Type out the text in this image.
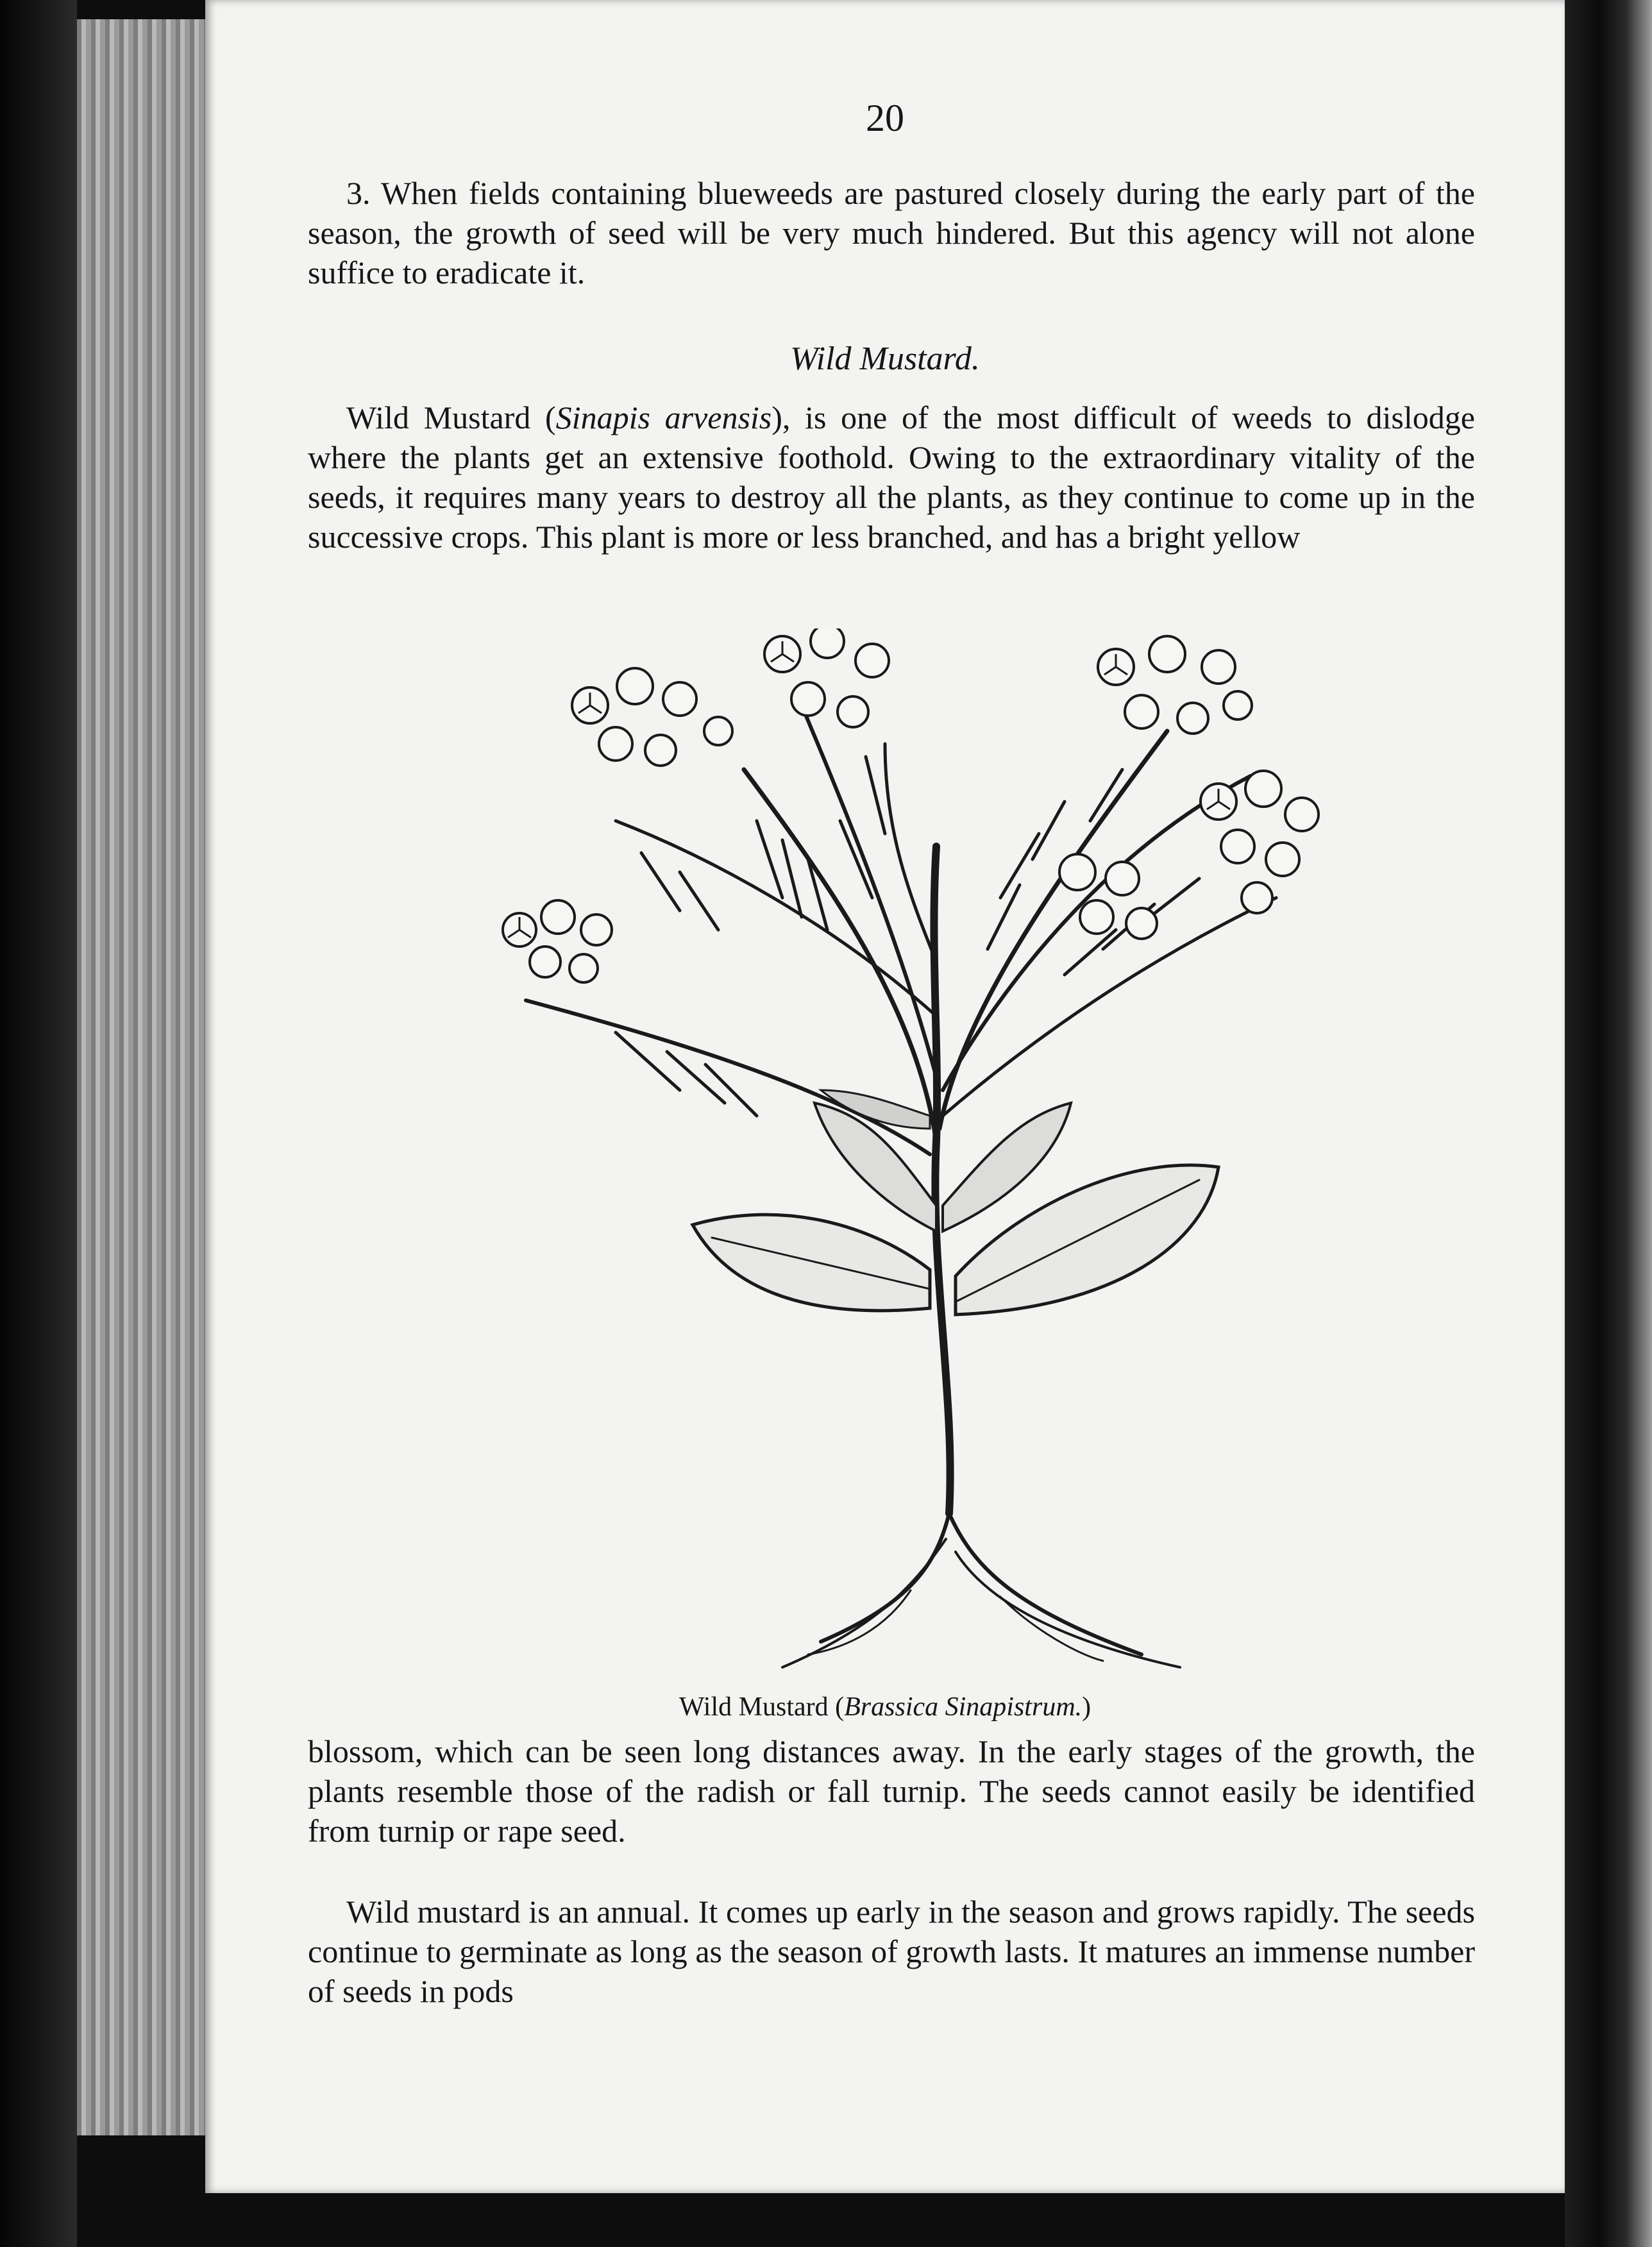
20

3. When fields containing blueweeds are pastured closely during the early part of the season, the growth of seed will be very much hindered. But this agency will not alone suffice to eradicate it.

Wild Mustard.

Wild Mustard (Sinapis arvensis), is one of the most difficult of weeds to dislodge where the plants get an extensive foothold. Owing to the extraordinary vitality of the seeds, it requires many years to destroy all the plants, as they continue to come up in the successive crops. This plant is more or less branched, and has a bright yellow

Wild Mustard (Brassica Sinapistrum.)

blossom, which can be seen long distances away. In the early stages of the growth, the plants resemble those of the radish or fall turnip. The seeds cannot easily be identified from turnip or rape seed.

Wild mustard is an annual. It comes up early in the season and grows rapidly. The seeds continue to germinate as long as the season of growth lasts. It matures an immense number of seeds in pods
